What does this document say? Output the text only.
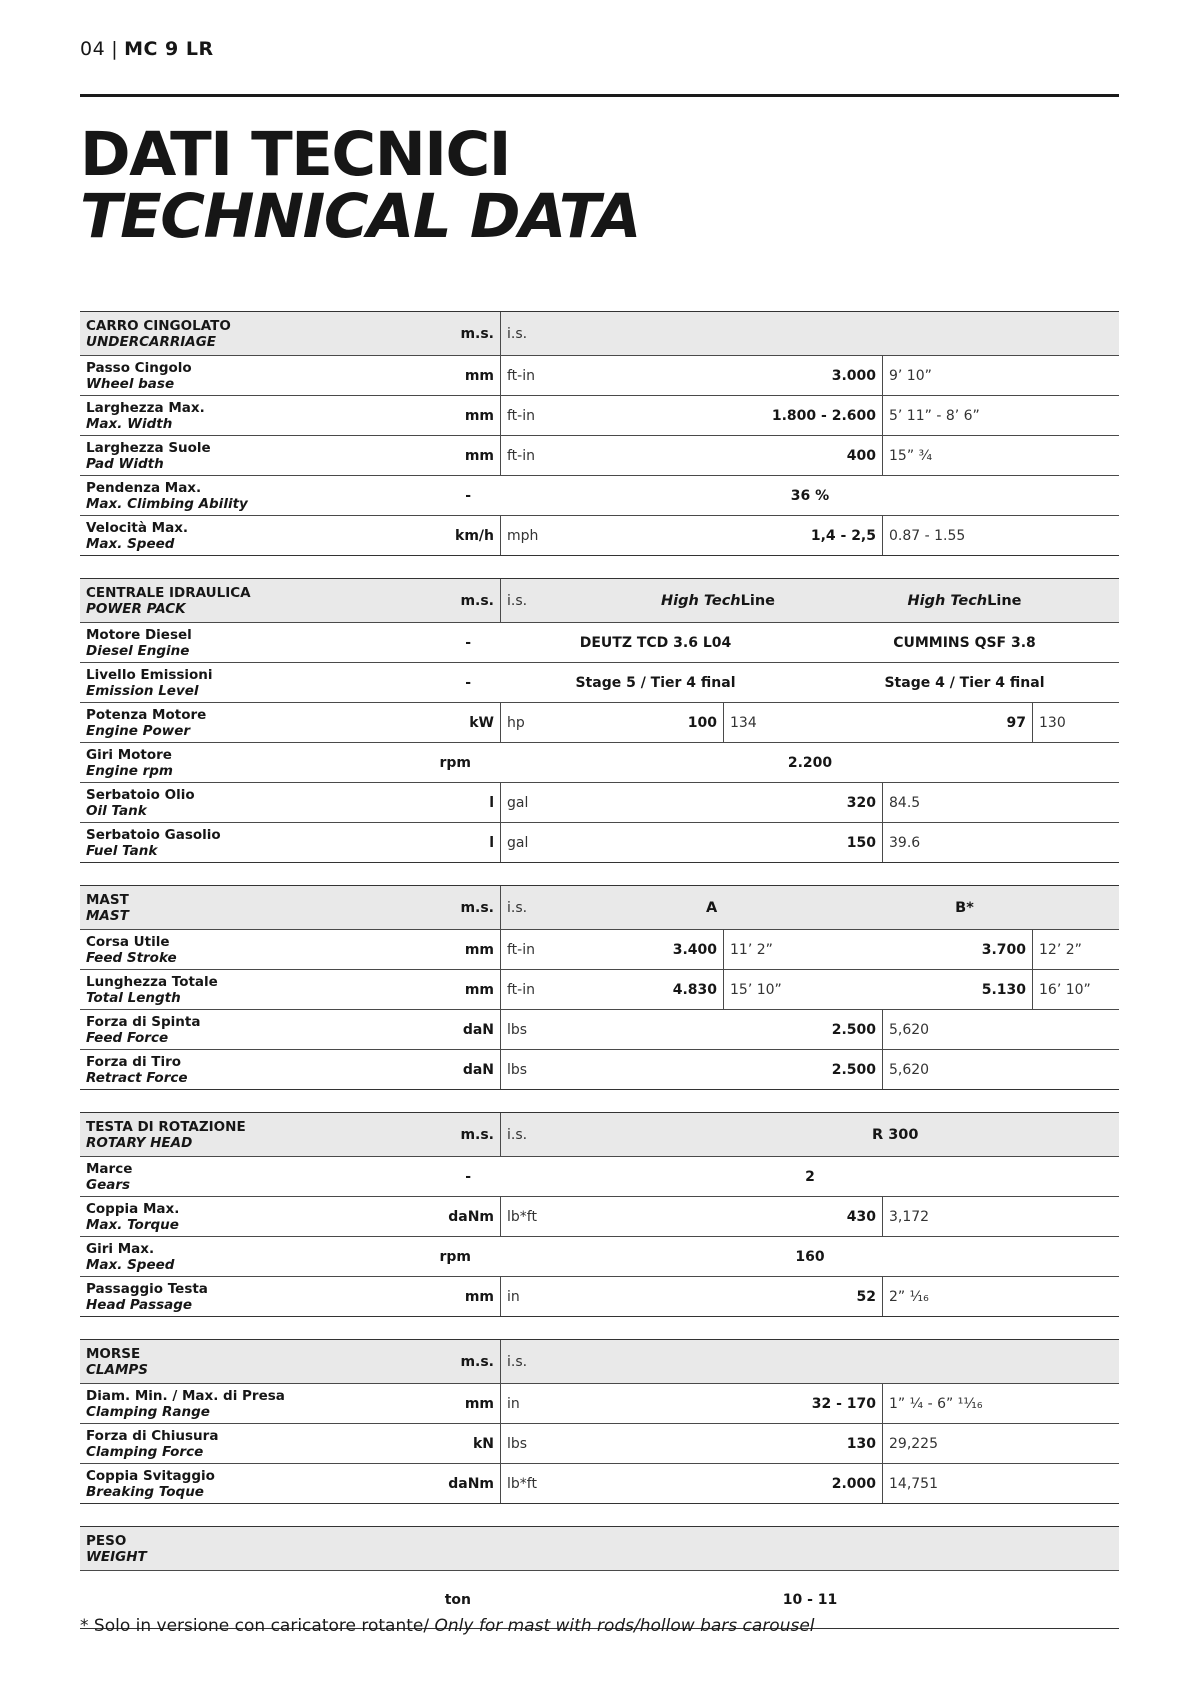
04 | MC 9 LR
DATI TECNICI
TECHNICAL DATA
CARRO CINGOLATO
UNDERCARRIAGE	m.s. i.s.
Passo Cingolo
Wheel base	mm ft-in	3.000 9’ 10”
Larghezza Max.
Max. Width	mm ft-in	1.800 - 2.600 5’ 11” - 8’ 6”
Larghezza Suole
Pad Width	mm ft-in	400 15” ³⁄₄
Pendenza Max.
Max. Climbing Ability	-	36 %
Velocità Max.
Max. Speed	km/h mph	1,4 - 2,5 0.87 - 1.55
CENTRALE IDRAULICA
POWER PACK	m.s. i.s.	High Tech Line	High Tech Line
Motore Diesel
Diesel Engine	-	DEUTZ TCD 3.6 L04	CUMMINS QSF 3.8
Livello Emissioni
Emission Level	-	Stage 5 / Tier 4 final	Stage 4 / Tier 4 final
Potenza Motore
Engine Power	kW hp	100 134	97 130
Giri Motore
Engine rpm	rpm	2.200
Serbatoio Olio
Oil Tank	l gal	320 84.5
Serbatoio Gasolio
Fuel Tank	l gal	150 39.6
MAST
MAST	m.s. i.s.	A	B*
Corsa Utile
Feed Stroke	mm ft-in	3.400 11’ 2”	3.700 12’ 2”
Lunghezza Totale
Total Length	mm ft-in	4.830 15’ 10”	5.130 16’ 10”
Forza di Spinta
Feed Force	daN lbs	2.500 5,620
Forza di Tiro
Retract Force	daN lbs	2.500 5,620
TESTA DI ROTAZIONE
ROTARY HEAD	m.s. i.s.	R 300
Marce
Gears	-	2
Coppia Max.
Max. Torque	daNm lb*ft	430 3,172
Giri Max.
Max. Speed	rpm	160
Passaggio Testa
Head Passage	mm in	52 2” ¹⁄₁₆
MORSE
CLAMPS	m.s. i.s.
Diam. Min. / Max. di Presa
Clamping Range	mm in	32 - 170 1” ¹⁄₄ - 6” ¹¹⁄₁₆
Forza di Chiusura
Clamping Force	kN lbs	130 29,225
Coppia Svitaggio
Breaking Toque	daNm lb*ft	2.000 14,751
PESO
WEIGHT
ton	10 - 11
* Solo in versione con caricatore rotante/ Only for mast with rods/hollow bars carousel
